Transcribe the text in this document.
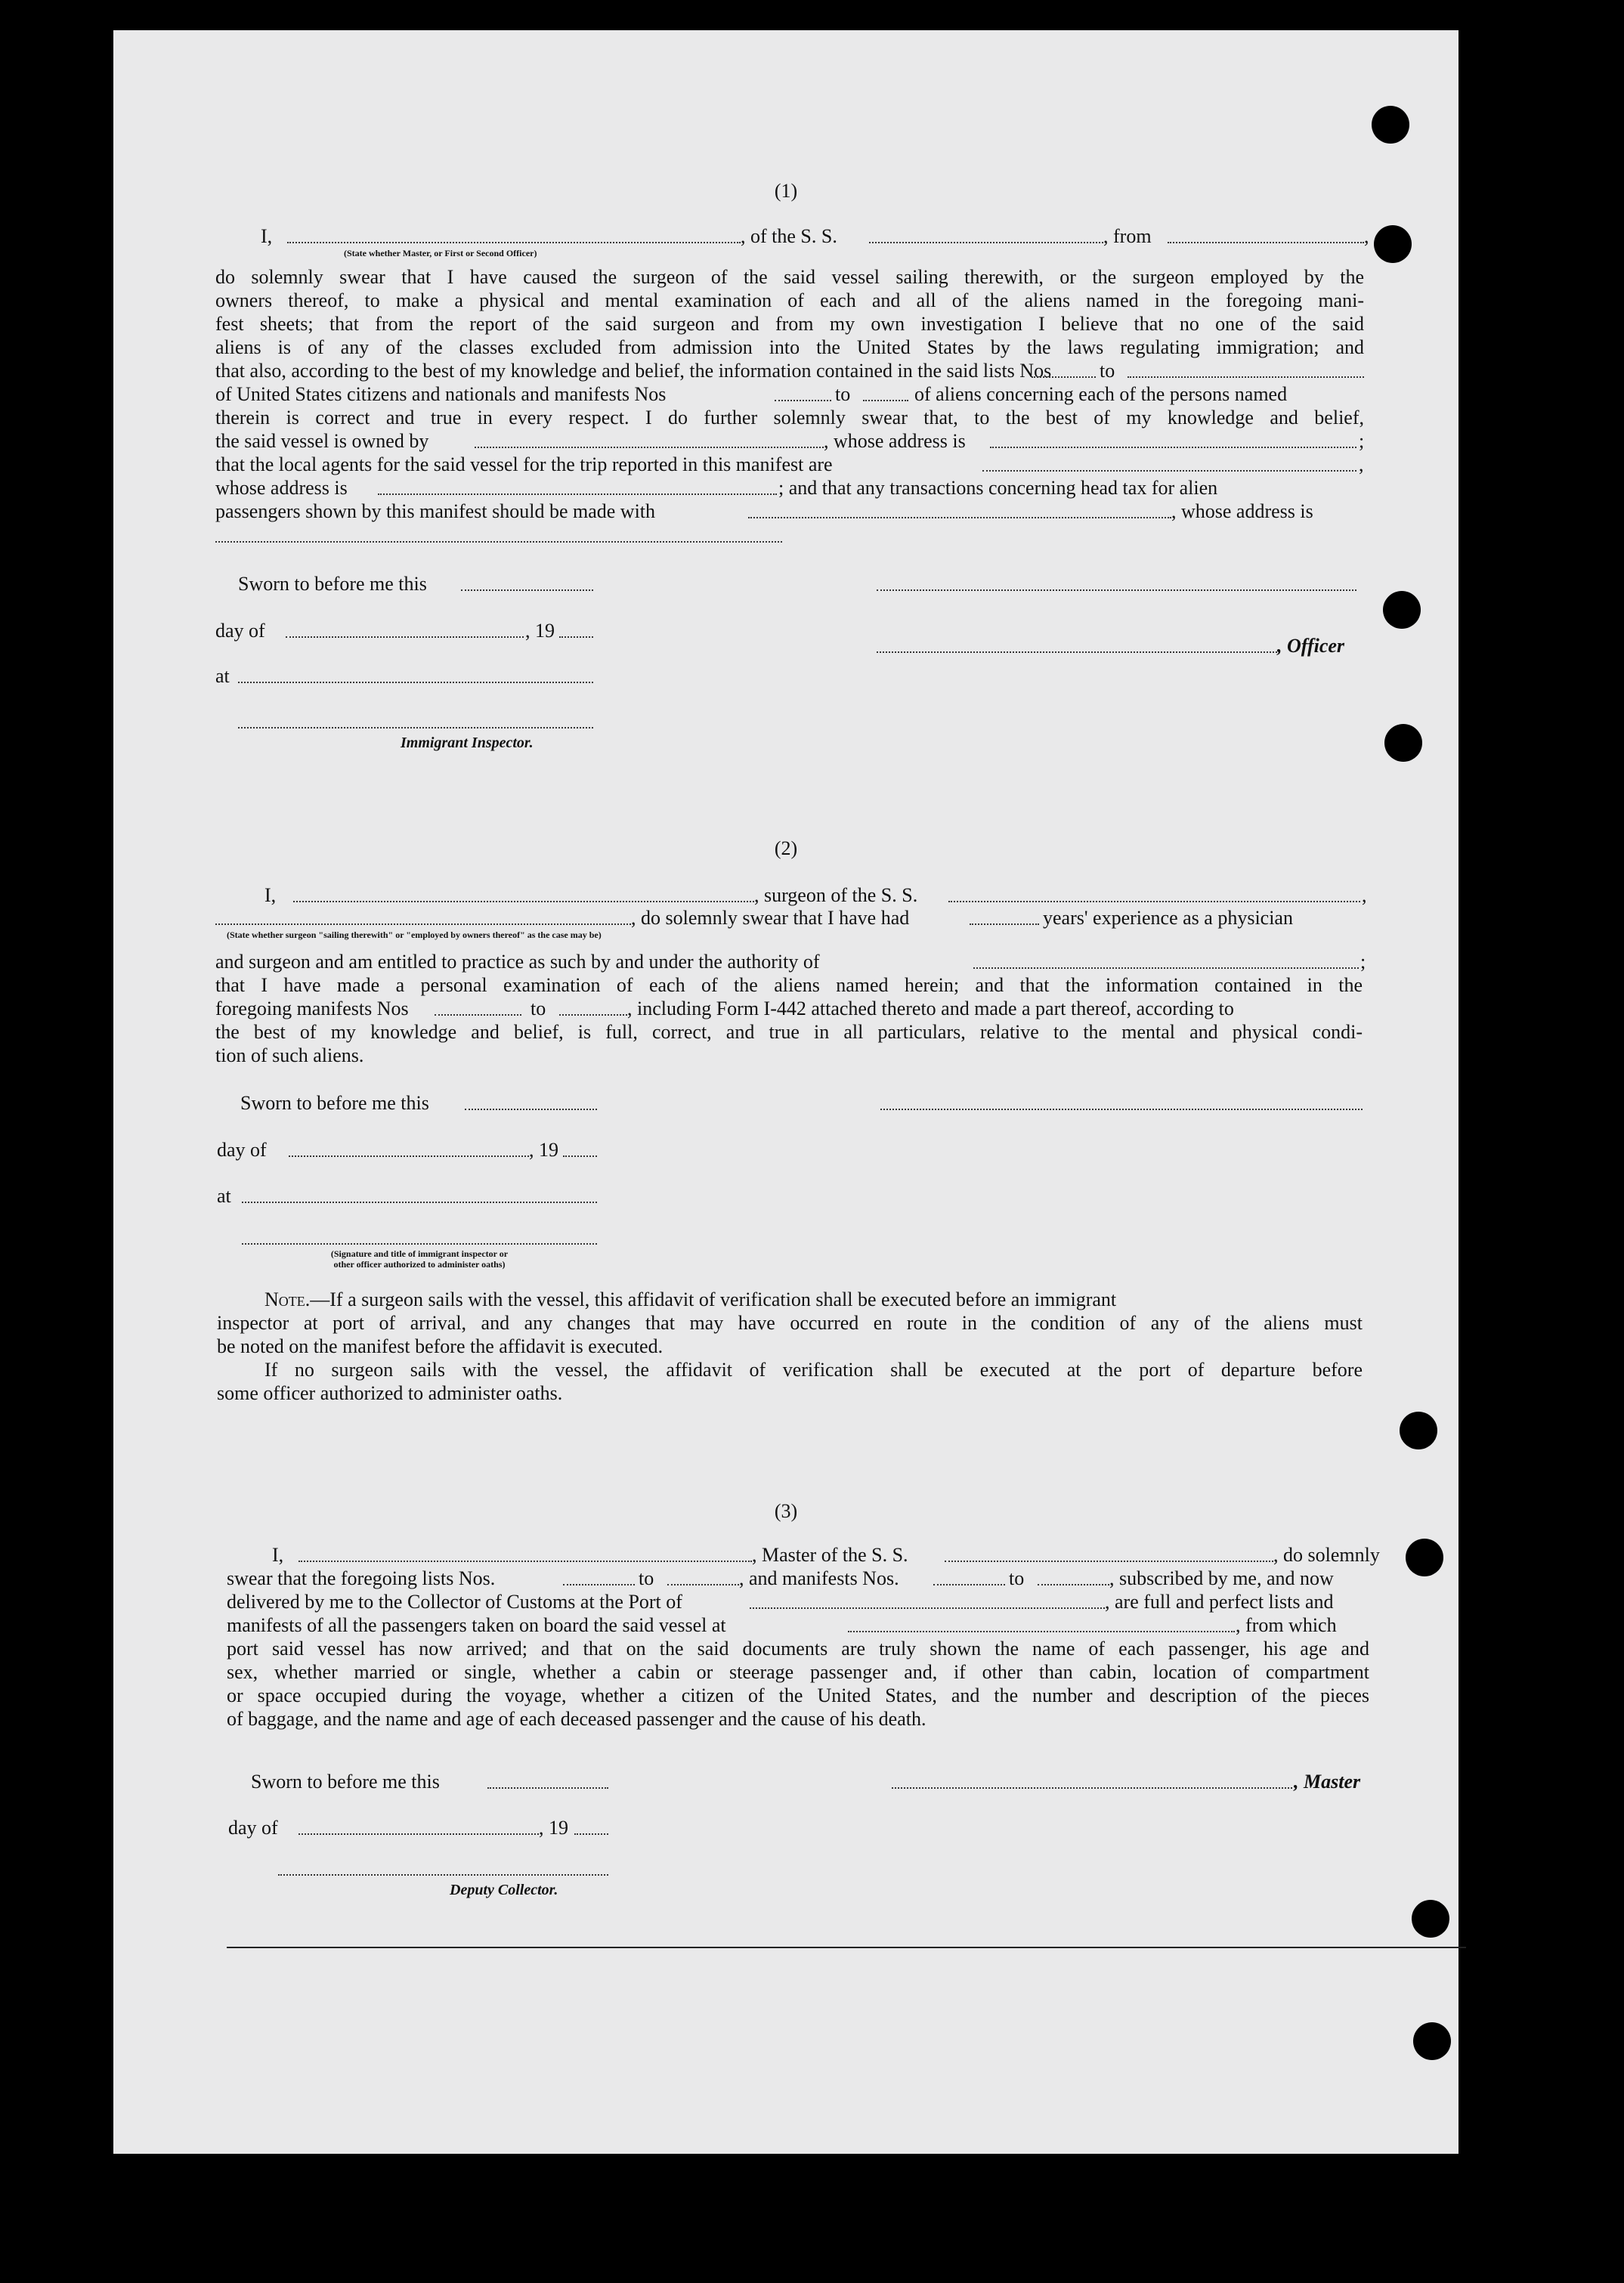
(1)
I,	, of the S. S.	, from	,
(State whether Master, or First or Second Officer)
do solemnly swear that I have caused the surgeon of the said vessel sailing therewith, or the surgeon employed by the
owners thereof, to make a physical and mental examination of each and all of the aliens named in the foregoing mani-
fest sheets; that from the report of the said surgeon and from my own investigation I believe that no one of the said
aliens is of any of the classes excluded from admission into the United States by the laws regulating immigration; and
that also, according to the best of my knowledge and belief, the information contained in the said lists Nos to
of United States citizens and nationals and manifests Nos	to	of aliens concerning each of the persons named
therein is correct and true in every respect. I do further solemnly swear that, to the best of my knowledge and belief,
the said vessel is owned by	, whose address is	;
that the local agents for the said vessel for the trip reported in this manifest are	,
whose address is	; and that any transactions concerning head tax for alien
passengers shown by this manifest should be made with	, whose address is
Sworn to before me this
day of	, 19
, Officer
at
Immigrant Inspector.
(2)
I,	, surgeon of the S. S.	,
, do solemnly swear that I have had	years' experience as a physician
(State whether surgeon "sailing therewith" or "employed by owners thereof" as the case may be)
and surgeon and am entitled to practice as such by and under the authority of	;
that I have made a personal examination of each of the aliens named herein; and that the information contained in the
foregoing manifests Nos	to	, including Form I-442 attached thereto and made a part thereof, according to
the best of my knowledge and belief, is full, correct, and true in all particulars, relative to the mental and physical condi-
tion of such aliens.
Sworn to before me this
day of	, 19
at
(Signature and title of immigrant inspector or
other officer authorized to administer oaths)
Note.—If a surgeon sails with the vessel, this affidavit of verification shall be executed before an immigrant
inspector at port of arrival, and any changes that may have occurred en route in the condition of any of the aliens must
be noted on the manifest before the affidavit is executed.
If no surgeon sails with the vessel, the affidavit of verification shall be executed at the port of departure before
some officer authorized to administer oaths.
(3)
I,	, Master of the S. S.	, do solemnly
swear that the foregoing lists Nos.	to	, and manifests Nos.	to	, subscribed by me, and now
delivered by me to the Collector of Customs at the Port of	, are full and perfect lists and
manifests of all the passengers taken on board the said vessel at	, from which
port said vessel has now arrived; and that on the said documents are truly shown the name of each passenger, his age and
sex, whether married or single, whether a cabin or steerage passenger and, if other than cabin, location of compartment
or space occupied during the voyage, whether a citizen of the United States, and the number and description of the pieces
of baggage, and the name and age of each deceased passenger and the cause of his death.
Sworn to before me this	, Master
day of	, 19
Deputy Collector.
